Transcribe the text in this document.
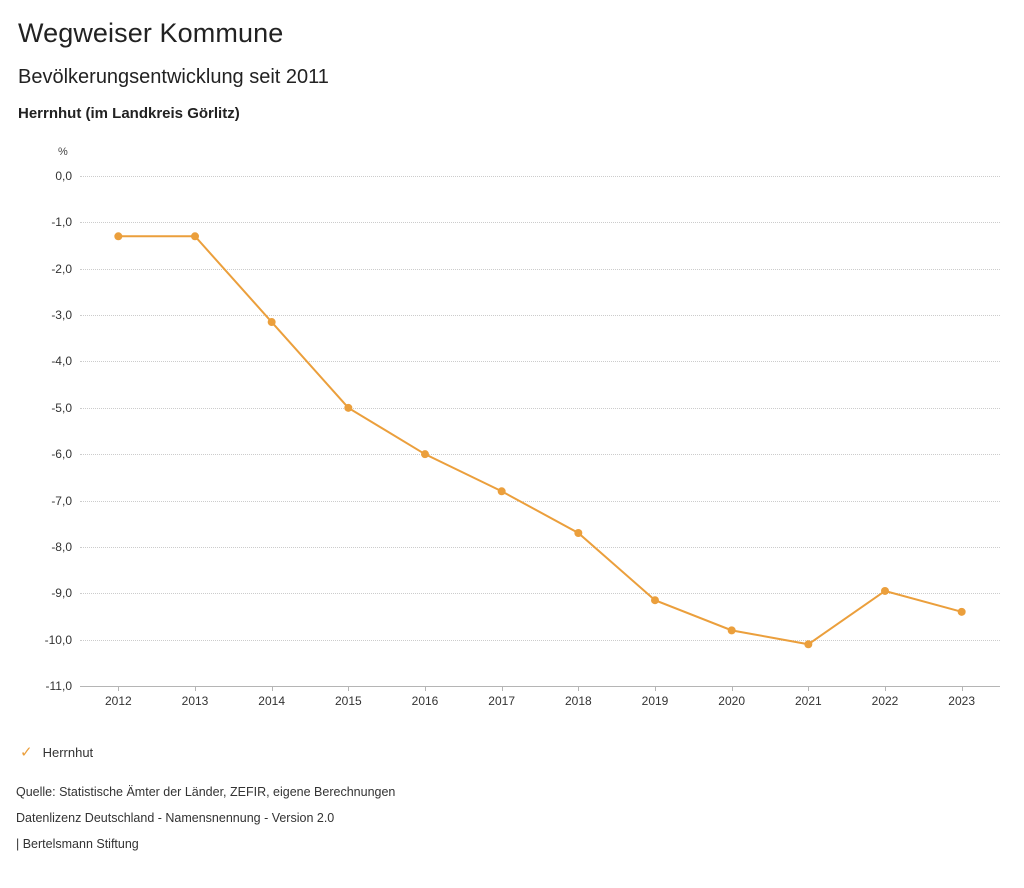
Wegweiser Kommune
Bevölkerungsentwicklung seit 2011
Herrnhut (im Landkreis Görlitz)
%
0,0
-1,0
-2,0
-3,0
-4,0
-5,0
-6,0
-7,0
-8,0
-9,0
-10,0
-11,0
2012	2013	2014	2015	2016	2017	2018	2019	2020	2021	2022	2023
✓ Herrnhut
Quelle: Statistische Ämter der Länder, ZEFIR, eigene Berechnungen
Datenlizenz Deutschland - Namensnennung - Version 2.0
| Bertelsmann Stiftung
